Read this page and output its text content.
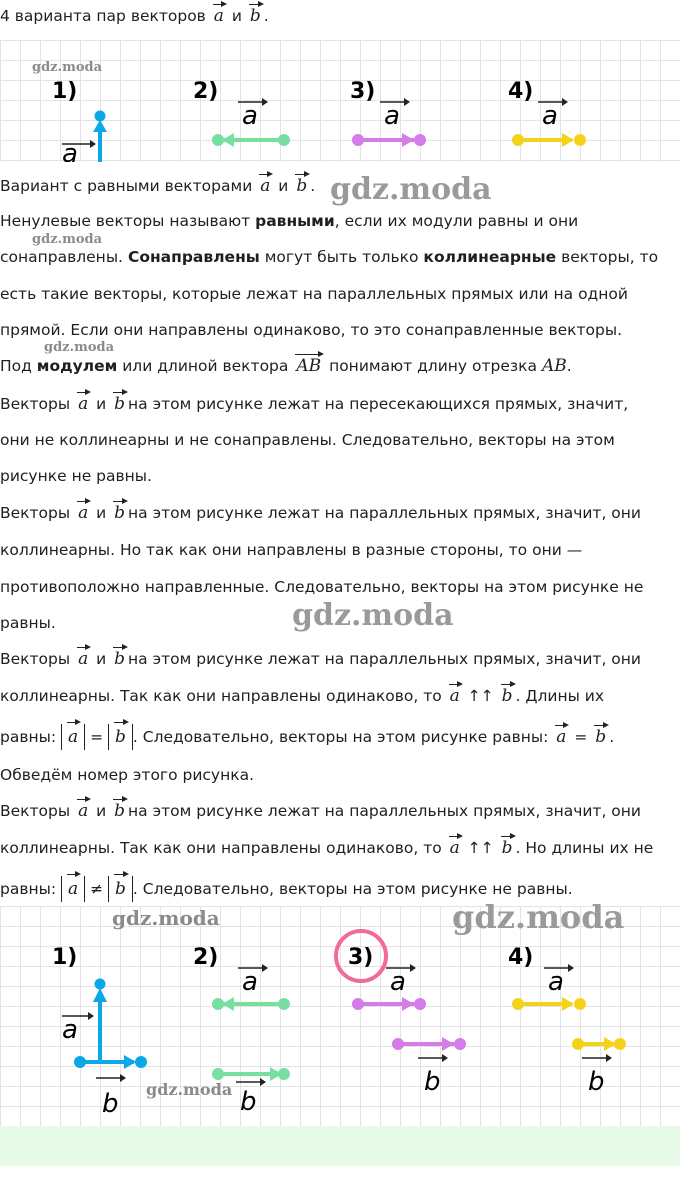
4 варианта пар векторов a и b .
1)	2)	3)	4)
a
a	a	a
gdz.moda
Вариант с равными векторами a и b . gdz.moda
Ненулевые векторы называют равными, если их модули равны и они
gdz.moda
сонаправлены. Сонаправлены могут быть только коллинеарные векторы, то
есть такие векторы, которые лежат на параллельных прямых или на одной
прямой. Если они направлены одинаково, то это сонаправленные векторы.
gdz.moda
Под модулем или длиной вектора AB понимают длину отрезка AB.
Векторы a и b на этом рисунке лежат на пересекающихся прямых, значит,
они не коллинеарны и не сонаправлены. Следовательно, векторы на этом
рисунке не равны.
Векторы a и b на этом рисунке лежат на параллельных прямых, значит, они
коллинеарны. Но так как они направлены в разные стороны, то они —
противоположно направленные. Следовательно, векторы на этом рисунке не
gdz.moda
равны.
Векторы a и b на этом рисунке лежат на параллельных прямых, значит, они
коллинеарны. Так как они направлены одинаково, то a ↑↑ b . Длины их
равны: a = b . Следовательно, векторы на этом рисунке равны: a = b .
Обведём номер этого рисунка.
Векторы a и b на этом рисунке лежат на параллельных прямых, значит, они
коллинеарны. Так как они направлены одинаково, то a ↑↑ b . Но длины их не
равны: a ≠ b . Следовательно, векторы на этом рисунке не равны.
1)	2)	3)	4)
a
b
a
b
a
b
a
b
gdz.moda	gdz.moda
gdz.moda
